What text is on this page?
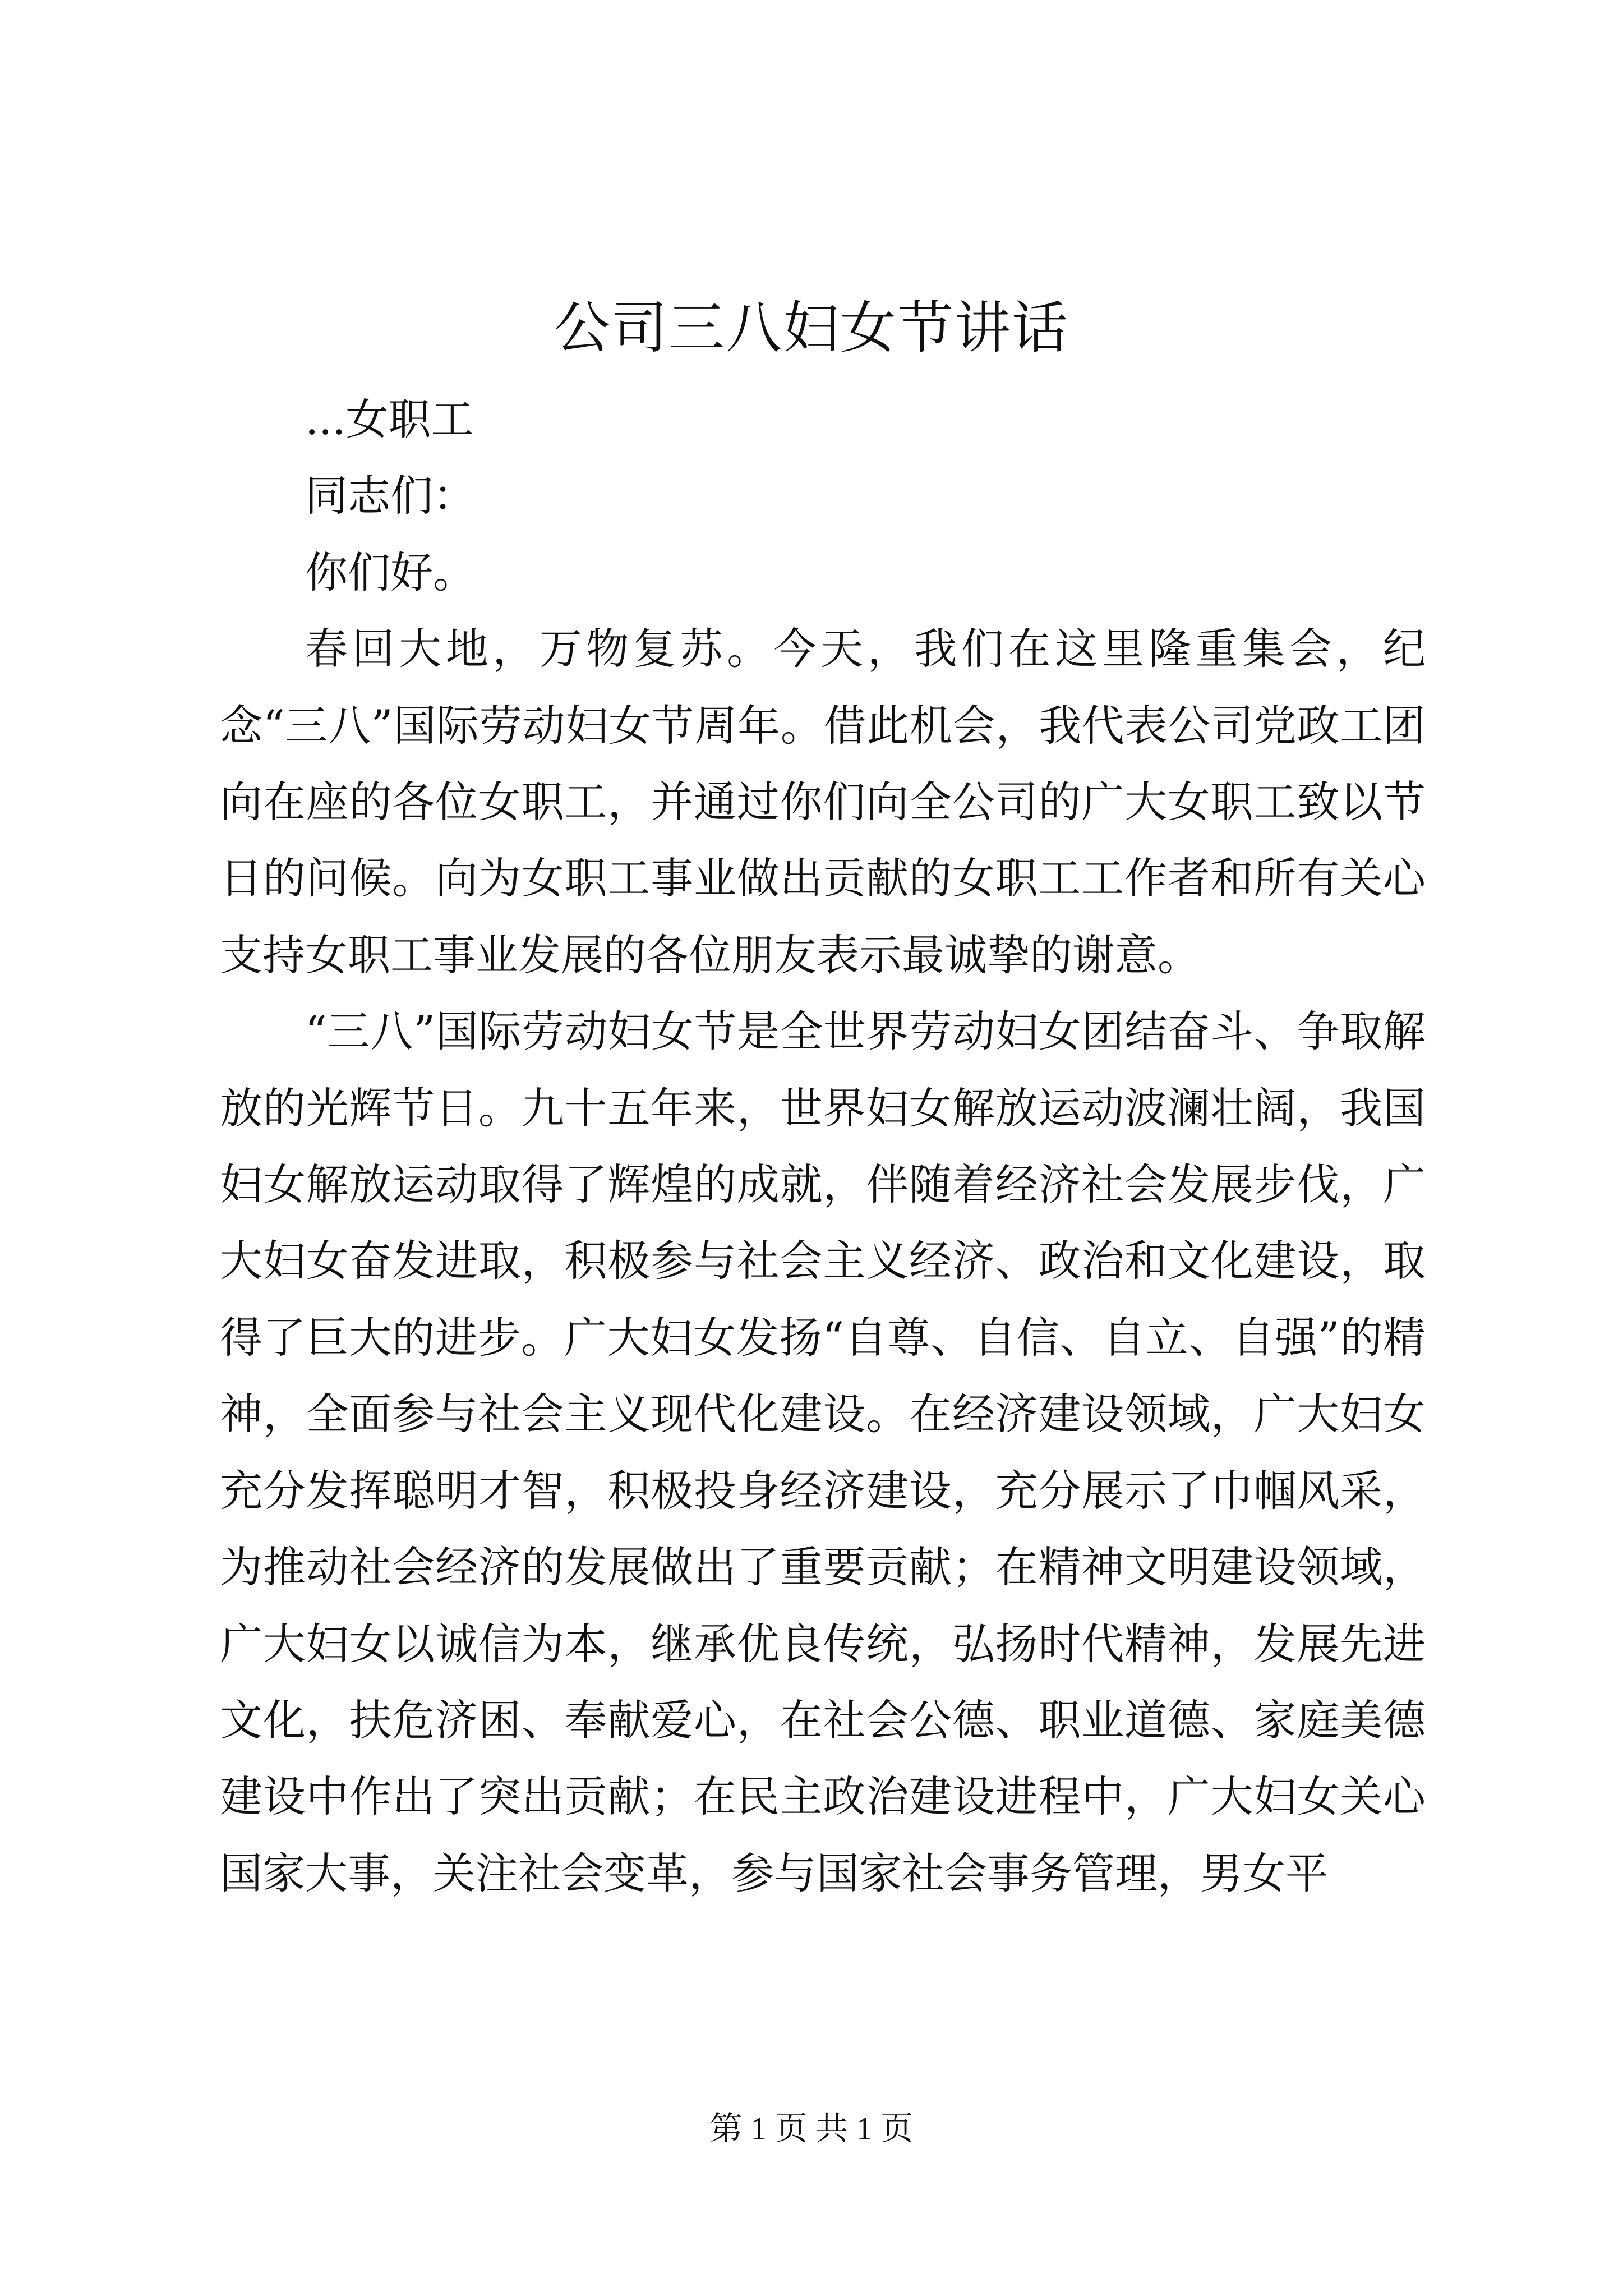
公司三八妇女节讲话

...女职工

同志们：

你们好。

春回大地，万物复苏。今天，我们在这里隆重集会，纪念“三八”国际劳动妇女节周年。借此机会，我代表公司党政工团向在座的各位女职工，并通过你们向全公司的广大女职工致以节日的问候。向为女职工事业做出贡献的女职工工作者和所有关心支持女职工事业发展的各位朋友表示最诚挚的谢意。

“三八”国际劳动妇女节是全世界劳动妇女团结奋斗、争取解放的光辉节日。九十五年来，世界妇女解放运动波澜壮阔，我国妇女解放运动取得了辉煌的成就，伴随着经济社会发展步伐，广大妇女奋发进取，积极参与社会主义经济、政治和文化建设，取得了巨大的进步。广大妇女发扬“自尊、自信、自立、自强”的精神，全面参与社会主义现代化建设。在经济建设领域，广大妇女充分发挥聪明才智，积极投身经济建设，充分展示了巾帼风采，为推动社会经济的发展做出了重要贡献；在精神文明建设领域，广大妇女以诚信为本，继承优良传统，弘扬时代精神，发展先进文化，扶危济困、奉献爱心，在社会公德、职业道德、家庭美德建设中作出了突出贡献；在民主政治建设进程中，广大妇女关心国家大事，关注社会变革，参与国家社会事务管理，男女平

第 1 页 共 1 页
